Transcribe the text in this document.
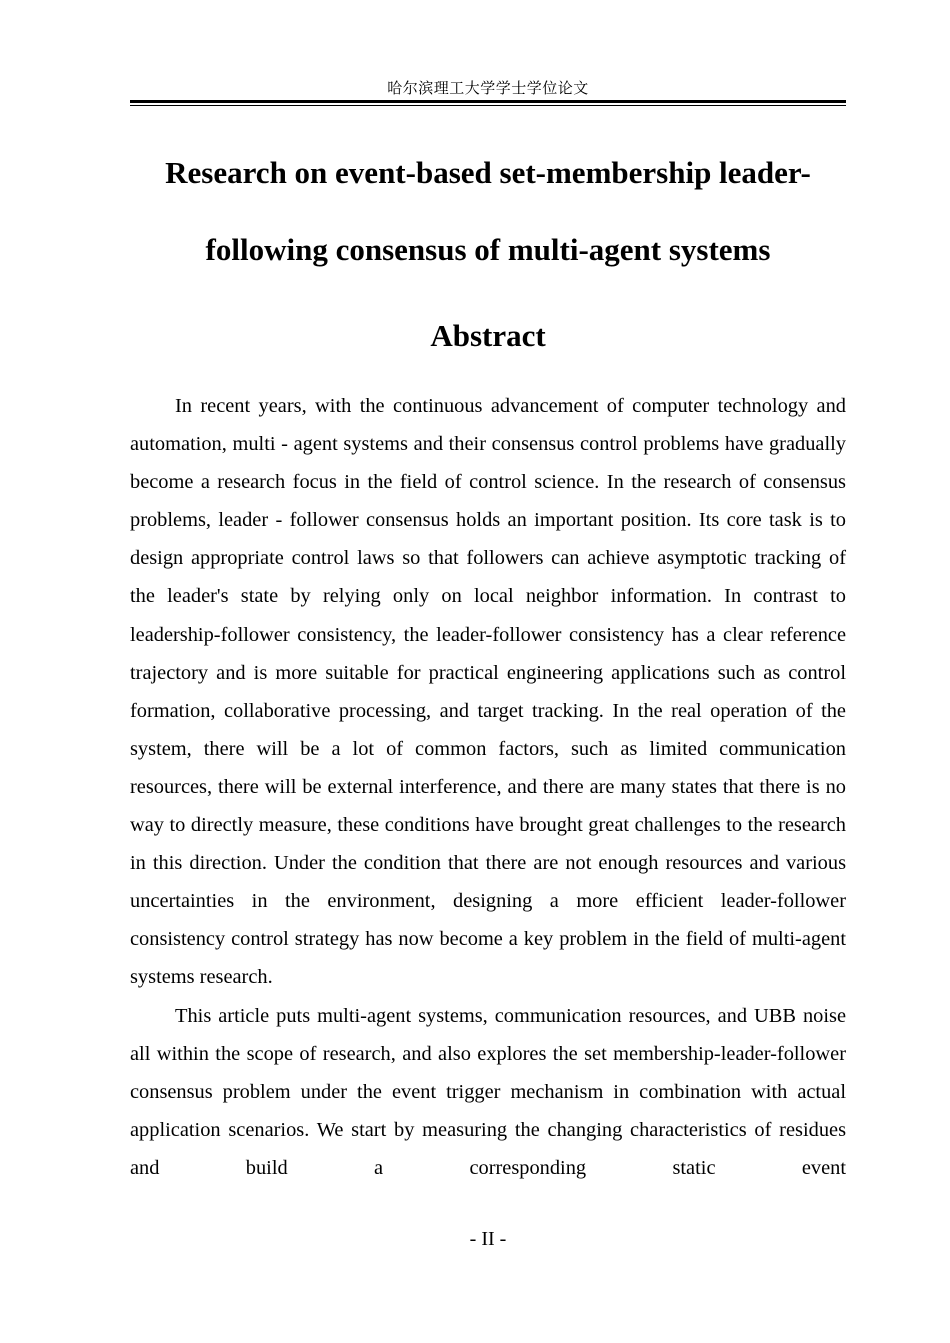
哈尔滨理工大学学士学位论文
Research on event-based set-membership leader-
following consensus of multi-agent systems
Abstract

In recent years, with the continuous advancement of computer technology and automation, multi - agent systems and their consensus control problems have gradually become a research focus in the field of control science. In the research of consensus problems, leader - follower consensus holds an important position. Its core task is to design appropriate control laws so that followers can achieve asymptotic tracking of the leader's state by relying only on local neighbor information. In contrast to leadership-follower consistency, the leader-follower consistency has a clear reference trajectory and is more suitable for practical engineering applications such as control formation, collaborative processing, and target tracking. In the real operation of the system, there will be a lot of common factors, such as limited communication resources, there will be external interference, and there are many states that there is no way to directly measure, these conditions have brought great challenges to the research in this direction. Under the condition that there are not enough resources and various uncertainties in the environment, designing a more efficient leader-follower consistency control strategy has now become a key problem in the field of multi-agent systems research.

This article puts multi-agent systems, communication resources, and UBB noise all within the scope of research, and also explores the set membership-leader-follower consensus problem under the event trigger mechanism in combination with actual application scenarios. We start by measuring the changing characteristics of residues and build a corresponding static event

- II -
